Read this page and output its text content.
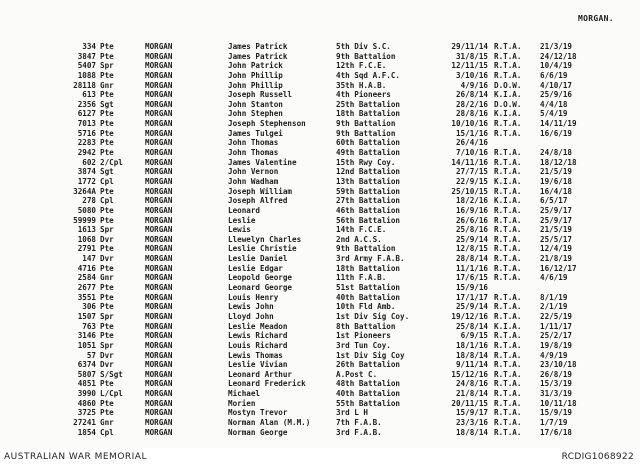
MORGAN.
334 Pte	MORGAN	James Patrick	5th Div S.C.	29/11/14 R.T.A.	21/3/19
3847 Pte	MORGAN	James Patrick	9th Battalion	31/8/15 R.T.A.	24/12/18
5407 Spr	MORGAN	John Patrick	12th F.C.E.	12/11/15 R.T.A.	10/4/19
1088 Pte	MORGAN	John Phillip	4th Sqd A.F.C.	3/10/16 R.T.A.	6/6/19
28118 Gnr	MORGAN	John Phillip	35th H.A.B.	4/9/16 D.O.W.	4/10/17
613 Pte	MORGAN	Joseph Russell	4th Pioneers	26/8/14 K.I.A.	25/9/16
2356 Sgt	MORGAN	John Stanton	25th Battalion	28/2/16 D.O.W.	4/4/18
6127 Pte	MORGAN	John Stephen	18th Battalion	28/8/16 K.I.A.	5/4/19
7013 Pte	MORGAN	Joseph Stephenson	9th Battalion	10/10/16 R.T.A.	14/11/19
5716 Pte	MORGAN	James Tulgei	9th Battalion	15/1/16 R.T.A.	16/6/19
2283 Pte	MORGAN	John Thomas	60th Battalion	26/4/16
2942 Pte	MORGAN	John Thomas	49th Battalion	7/10/16 R.T.A.	24/8/18
602 2/Cpl	MORGAN	James Valentine	15th Rwy Coy.	14/11/16 R.T.A.	18/12/18
3874 Sgt	MORGAN	John Vernon	12nd Battalion	27/7/15 R.T.A.	21/5/19
1772 Cpl	MORGAN	John Wadham	13th Battalion	22/9/15 K.I.A.	19/6/18
3264A Pte	MORGAN	Joseph William	59th Battalion	25/10/15 R.T.A.	16/4/18
278 Cpl	MORGAN	Joseph Alfred	27th Battalion	18/2/16 K.I.A.	6/5/17
5080 Pte	MORGAN	Leonard	46th Battalion	16/9/16 R.T.A.	25/9/17
59999 Pte	MORGAN	Leslie	56th Battalion	26/6/16 R.T.A.	25/9/17
1613 Spr	MORGAN	Lewis	14th F.C.E.	25/8/16 R.T.A.	21/5/19
1068 Dvr	MORGAN	Llewelyn Charles	2nd A.C.S.	25/9/14 R.T.A.	25/5/17
2791 Pte	MORGAN	Leslie Christie	9th Battalion	12/8/15 R.T.A.	12/4/19
147 Dvr	MORGAN	Leslie Daniel	3rd Army F.A.B.	28/8/14 R.T.A.	21/8/19
4716 Pte	MORGAN	Leslie Edgar	18th Battalion	11/1/16 R.T.A.	16/12/17
2584 Gnr	MORGAN	Leopold George	11th F.A.B.	17/6/15 R.T.A.	4/6/19
2677 Pte	MORGAN	Leonard George	51st Battalion	15/9/16
3551 Pte	MORGAN	Louis Henry	40th Battalion	17/1/17 R.T.A.	8/1/19
306 Pte	MORGAN	Lewis John	10th Fld Amb.	25/9/14 R.T.A.	2/1/19
1507 Spr	MORGAN	Lloyd John	1st Div Sig Coy.	19/12/16 R.T.A.	22/5/19
763 Pte	MORGAN	Leslie Meadon	8th Battalion	25/8/14 K.I.A.	1/11/17
3146 Pte	MORGAN	Lewis Richard	1st Pioneers	6/9/15 R.T.A.	25/2/17
1051 Spr	MORGAN	Louis Richard	3rd Tun Coy.	18/1/16 R.T.A.	19/8/19
57 Dvr	MORGAN	Lewis Thomas	1st Div Sig Coy	18/8/14 R.T.A.	4/9/19
6374 Dvr	MORGAN	Leslie Vivian	26th Battalion	9/11/14 R.T.A.	23/10/18
5807 S/Sgt	MORGAN	Leonard Arthur	A.Post C.	15/12/16 R.T.A.	26/8/19
4851 Pte	MORGAN	Leonard Frederick	48th Battalion	24/8/16 R.T.A.	15/3/19
3990 L/Cpl	MORGAN	Michael	40th Battalion	21/8/14 R.T.A.	31/3/19
4860 Pte	MORGAN	Morien	55th Battalion	20/11/15 R.T.A.	10/11/18
3725 Pte	MORGAN	Mostyn Trevor	3rd L H	15/9/17 R.T.A.	15/9/19
27241 Gnr	MORGAN	Norman Alan (M.M.)	7th F.A.B.	23/3/16 R.T.A.	1/7/19
1854 Cpl	MORGAN	Norman George	3rd F.A.B.	18/8/14 R.T.A.	17/6/18
AUSTRALIAN WAR MEMORIAL	RCDIG1068922
